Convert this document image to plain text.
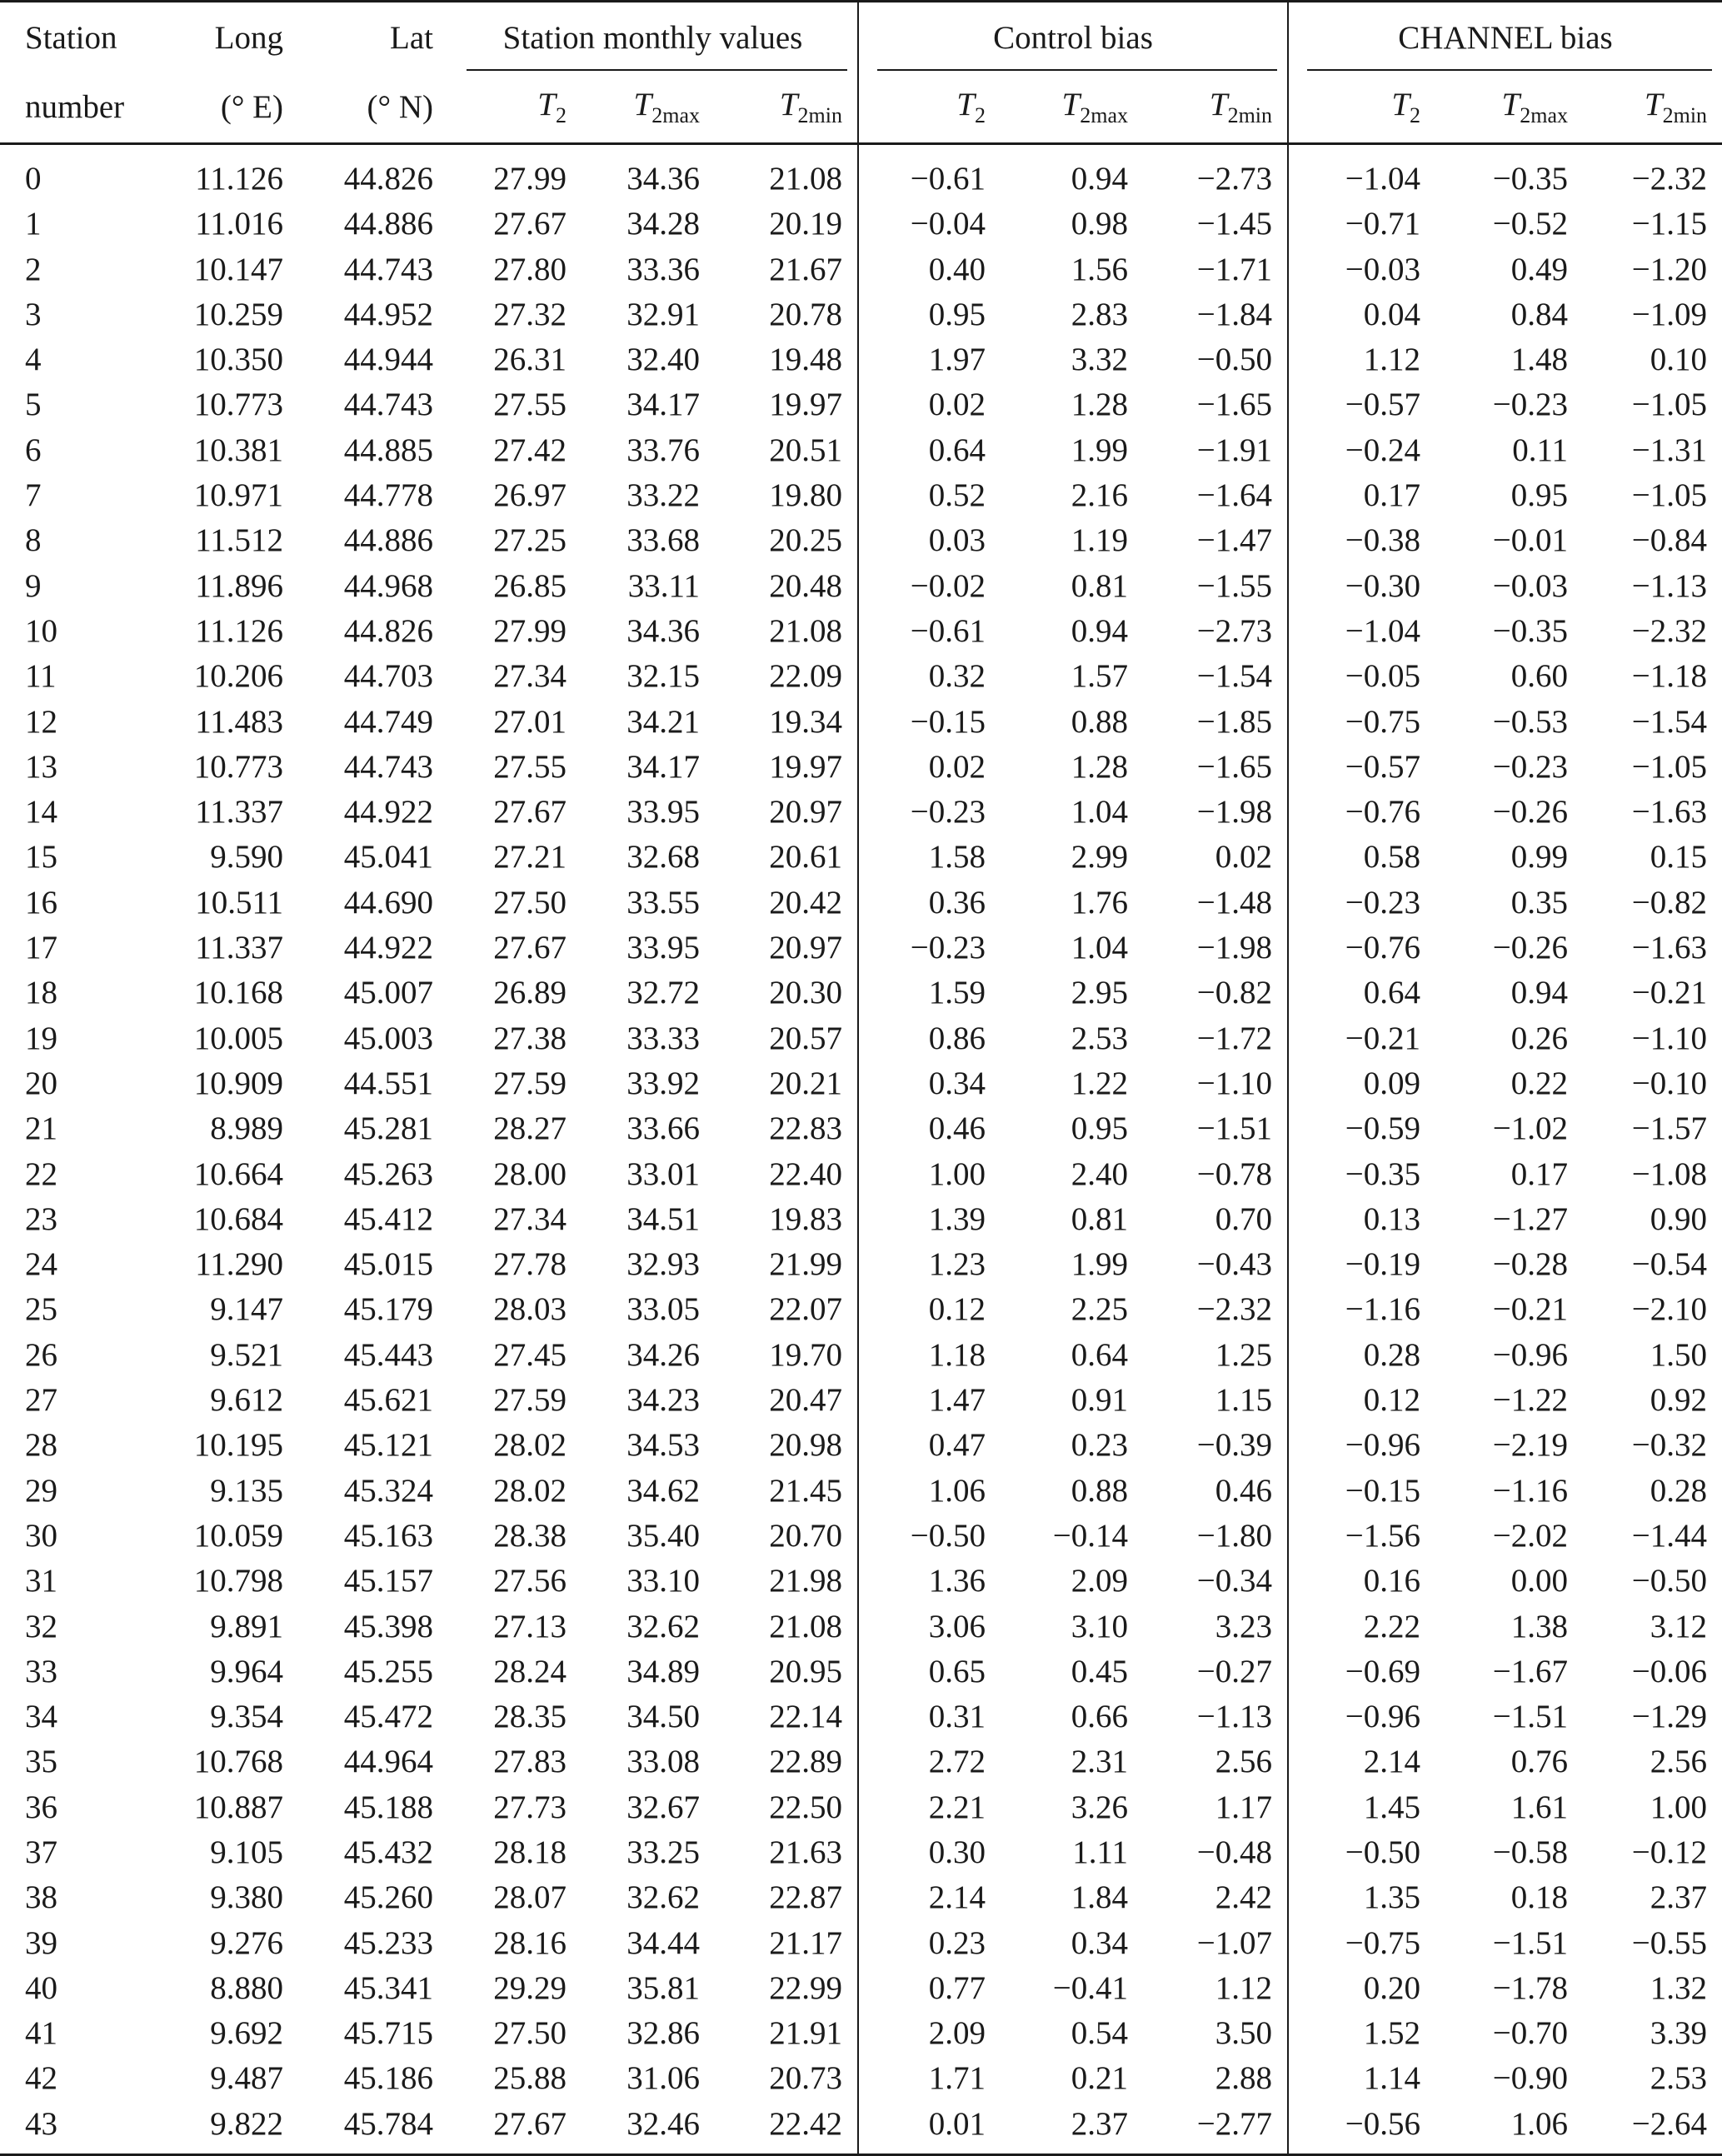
Station	Long	Lat	Station monthly values			Control bias			CHANNEL bias		

number	(° E)	(° N)	$T_2$	$T_{2max}$	$T_{2min}$	$T_2$	$T_{2max}$	$T_{2min}$	$T_2$	$T_{2max}$	$T_{2min}$
0	11.126	44.826	27.99	34.36	21.08	−0.61	0.94	−2.73	−1.04	−0.35	−2.32
1	11.016	44.886	27.67	34.28	20.19	−0.04	0.98	−1.45	−0.71	−0.52	−1.15
2	10.147	44.743	27.80	33.36	21.67	0.40	1.56	−1.71	−0.03	0.49	−1.20
3	10.259	44.952	27.32	32.91	20.78	0.95	2.83	−1.84	0.04	0.84	−1.09
4	10.350	44.944	26.31	32.40	19.48	1.97	3.32	−0.50	1.12	1.48	0.10
5	10.773	44.743	27.55	34.17	19.97	0.02	1.28	−1.65	−0.57	−0.23	−1.05
6	10.381	44.885	27.42	33.76	20.51	0.64	1.99	−1.91	−0.24	0.11	−1.31
7	10.971	44.778	26.97	33.22	19.80	0.52	2.16	−1.64	0.17	0.95	−1.05
8	11.512	44.886	27.25	33.68	20.25	0.03	1.19	−1.47	−0.38	−0.01	−0.84
9	11.896	44.968	26.85	33.11	20.48	−0.02	0.81	−1.55	−0.30	−0.03	−1.13
10	11.126	44.826	27.99	34.36	21.08	−0.61	0.94	−2.73	−1.04	−0.35	−2.32
11	10.206	44.703	27.34	32.15	22.09	0.32	1.57	−1.54	−0.05	0.60	−1.18
12	11.483	44.749	27.01	34.21	19.34	−0.15	0.88	−1.85	−0.75	−0.53	−1.54
13	10.773	44.743	27.55	34.17	19.97	0.02	1.28	−1.65	−0.57	−0.23	−1.05
14	11.337	44.922	27.67	33.95	20.97	−0.23	1.04	−1.98	−0.76	−0.26	−1.63
15	9.590	45.041	27.21	32.68	20.61	1.58	2.99	0.02	0.58	0.99	0.15
16	10.511	44.690	27.50	33.55	20.42	0.36	1.76	−1.48	−0.23	0.35	−0.82
17	11.337	44.922	27.67	33.95	20.97	−0.23	1.04	−1.98	−0.76	−0.26	−1.63
18	10.168	45.007	26.89	32.72	20.30	1.59	2.95	−0.82	0.64	0.94	−0.21
19	10.005	45.003	27.38	33.33	20.57	0.86	2.53	−1.72	−0.21	0.26	−1.10
20	10.909	44.551	27.59	33.92	20.21	0.34	1.22	−1.10	0.09	0.22	−0.10
21	8.989	45.281	28.27	33.66	22.83	0.46	0.95	−1.51	−0.59	−1.02	−1.57
22	10.664	45.263	28.00	33.01	22.40	1.00	2.40	−0.78	−0.35	0.17	−1.08
23	10.684	45.412	27.34	34.51	19.83	1.39	0.81	0.70	0.13	−1.27	0.90
24	11.290	45.015	27.78	32.93	21.99	1.23	1.99	−0.43	−0.19	−0.28	−0.54
25	9.147	45.179	28.03	33.05	22.07	0.12	2.25	−2.32	−1.16	−0.21	−2.10
26	9.521	45.443	27.45	34.26	19.70	1.18	0.64	1.25	0.28	−0.96	1.50
27	9.612	45.621	27.59	34.23	20.47	1.47	0.91	1.15	0.12	−1.22	0.92
28	10.195	45.121	28.02	34.53	20.98	0.47	0.23	−0.39	−0.96	−2.19	−0.32
29	9.135	45.324	28.02	34.62	21.45	1.06	0.88	0.46	−0.15	−1.16	0.28
30	10.059	45.163	28.38	35.40	20.70	−0.50	−0.14	−1.80	−1.56	−2.02	−1.44
31	10.798	45.157	27.56	33.10	21.98	1.36	2.09	−0.34	0.16	0.00	−0.50
32	9.891	45.398	27.13	32.62	21.08	3.06	3.10	3.23	2.22	1.38	3.12
33	9.964	45.255	28.24	34.89	20.95	0.65	0.45	−0.27	−0.69	−1.67	−0.06
34	9.354	45.472	28.35	34.50	22.14	0.31	0.66	−1.13	−0.96	−1.51	−1.29
35	10.768	44.964	27.83	33.08	22.89	2.72	2.31	2.56	2.14	0.76	2.56
36	10.887	45.188	27.73	32.67	22.50	2.21	3.26	1.17	1.45	1.61	1.00
37	9.105	45.432	28.18	33.25	21.63	0.30	1.11	−0.48	−0.50	−0.58	−0.12
38	9.380	45.260	28.07	32.62	22.87	2.14	1.84	2.42	1.35	0.18	2.37
39	9.276	45.233	28.16	34.44	21.17	0.23	0.34	−1.07	−0.75	−1.51	−0.55
40	8.880	45.341	29.29	35.81	22.99	0.77	−0.41	1.12	0.20	−1.78	1.32
41	9.692	45.715	27.50	32.86	21.91	2.09	0.54	3.50	1.52	−0.70	3.39
42	9.487	45.186	25.88	31.06	20.73	1.71	0.21	2.88	1.14	−0.90	2.53
43	9.822	45.784	27.67	32.46	22.42	0.01	2.37	−2.77	−0.56	1.06	−2.64
